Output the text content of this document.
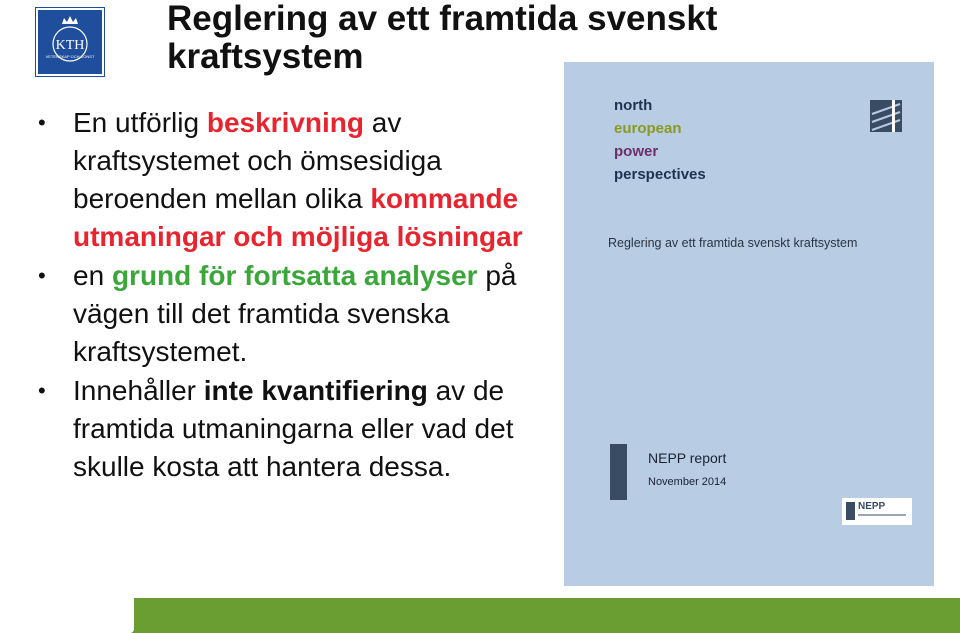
KTH
VETENSKAP OCH KONST
Reglering av ett framtida svenskt kraftsystem
• En utförlig beskrivning av kraftsystemet och ömsesidiga beroenden mellan olika kommande utmaningar och möjliga lösningar
• en grund för fortsatta analyser på vägen till det framtida svenska kraftsystemet.
• Innehåller inte kvantifiering av de framtida utmaningarna eller vad det skulle kosta att hantera dessa.
north
european
power
perspectives
Reglering av ett framtida svenskt kraftsystem
NEPP report
November 2014
NEPP
